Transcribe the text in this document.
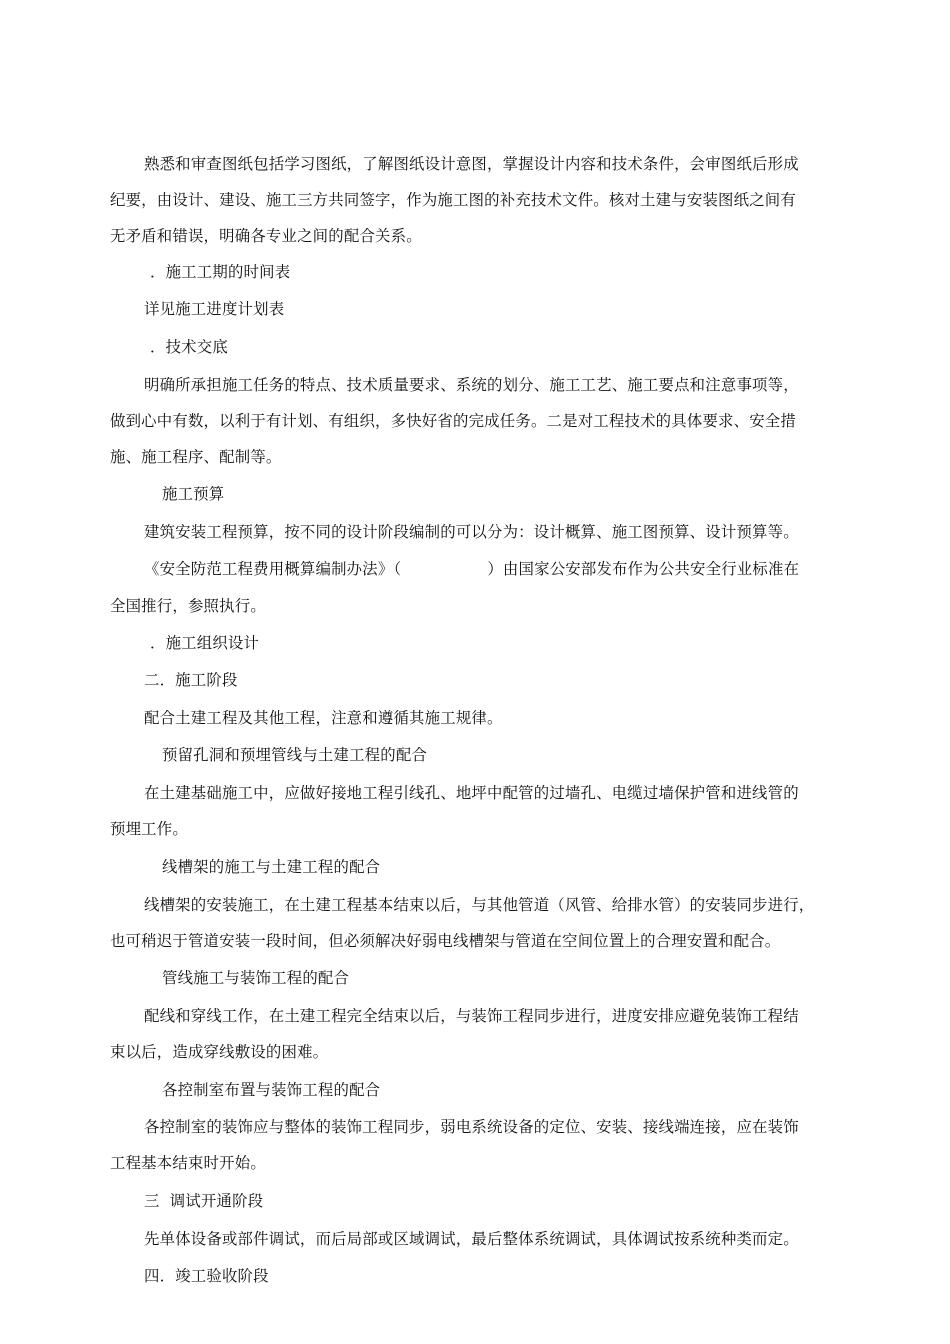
熟悉和审查图纸包括学习图纸，了解图纸设计意图，掌握设计内容和技术条件，会审图纸后形成
纪要，由设计、建设、施工三方共同签字，作为施工图的补充技术文件。核对土建与安装图纸之间有
无矛盾和错误，明确各专业之间的配合关系。
．施工工期的时间表
详见施工进度计划表
．技术交底
明确所承担施工任务的特点、技术质量要求、系统的划分、施工工艺、施工要点和注意事项等，
做到心中有数，以利于有计划、有组织，多快好省的完成任务。二是对工程技术的具体要求、安全措
施、施工程序、配制等。
施工预算
建筑安装工程预算，按不同的设计阶段编制的可以分为：设计概算、施工图预算、设计预算等。
《安全防范工程费用概算编制办法》（	）由国家公安部发布作为公共安全行业标准在
全国推行，参照执行。
．施工组织设计
二．施工阶段
配合土建工程及其他工程，注意和遵循其施工规律。
预留孔洞和预埋管线与土建工程的配合
在土建基础施工中，应做好接地工程引线孔、地坪中配管的过墙孔、电缆过墙保护管和进线管的
预埋工作。
线槽架的施工与土建工程的配合
线槽架的安装施工，在土建工程基本结束以后，与其他管道（风管、给排水管）的安装同步进行，
也可稍迟于管道安装一段时间，但必须解决好弱电线槽架与管道在空间位置上的合理安置和配合。
管线施工与装饰工程的配合
配线和穿线工作，在土建工程完全结束以后，与装饰工程同步进行，进度安排应避免装饰工程结
束以后，造成穿线敷设的困难。
各控制室布置与装饰工程的配合
各控制室的装饰应与整体的装饰工程同步，弱电系统设备的定位、安装、接线端连接，应在装饰
工程基本结束时开始。
三  调试开通阶段
先单体设备或部件调试，而后局部或区域调试，最后整体系统调试，具体调试按系统种类而定。
四．竣工验收阶段
